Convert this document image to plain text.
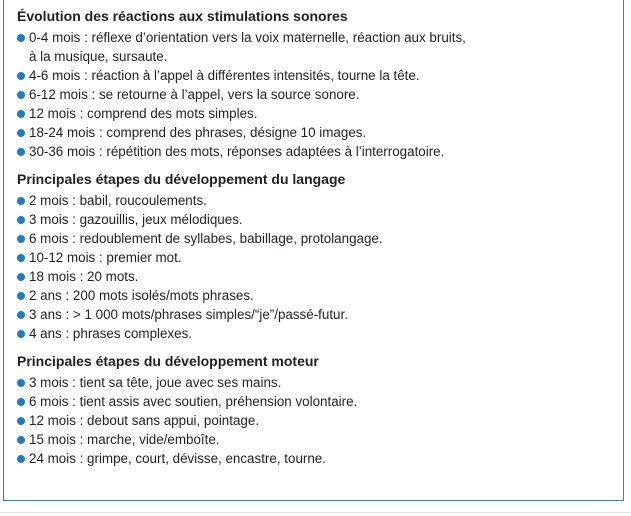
Évolution des réactions aux stimulations sonores
0-4 mois : réflexe d’orientation vers la voix maternelle, réaction aux bruits,
à la musique, sursaute.
4-6 mois : réaction à l’appel à différentes intensités, tourne la tête.
6-12 mois : se retourne à l’appel, vers la source sonore.
12 mois : comprend des mots simples.
18-24 mois : comprend des phrases, désigne 10 images.
30-36 mois : répétition des mots, réponses adaptées à l’interrogatoire.
Principales étapes du développement du langage
2 mois : babil, roucoulements.
3 mois : gazouillis, jeux mélodiques.
6 mois : redoublement de syllabes, babillage, protolangage.
10-12 mois : premier mot.
18 mois : 20 mots.
2 ans : 200 mots isolés/mots phrases.
3 ans : > 1 000 mots/phrases simples/“je”/passé-futur.
4 ans : phrases complexes.
Principales étapes du développement moteur
3 mois : tient sa tête, joue avec ses mains.
6 mois : tient assis avec soutien, préhension volontaire.
12 mois : debout sans appui, pointage.
15 mois : marche, vide/emboîte.
24 mois : grimpe, court, dévisse, encastre, tourne.
